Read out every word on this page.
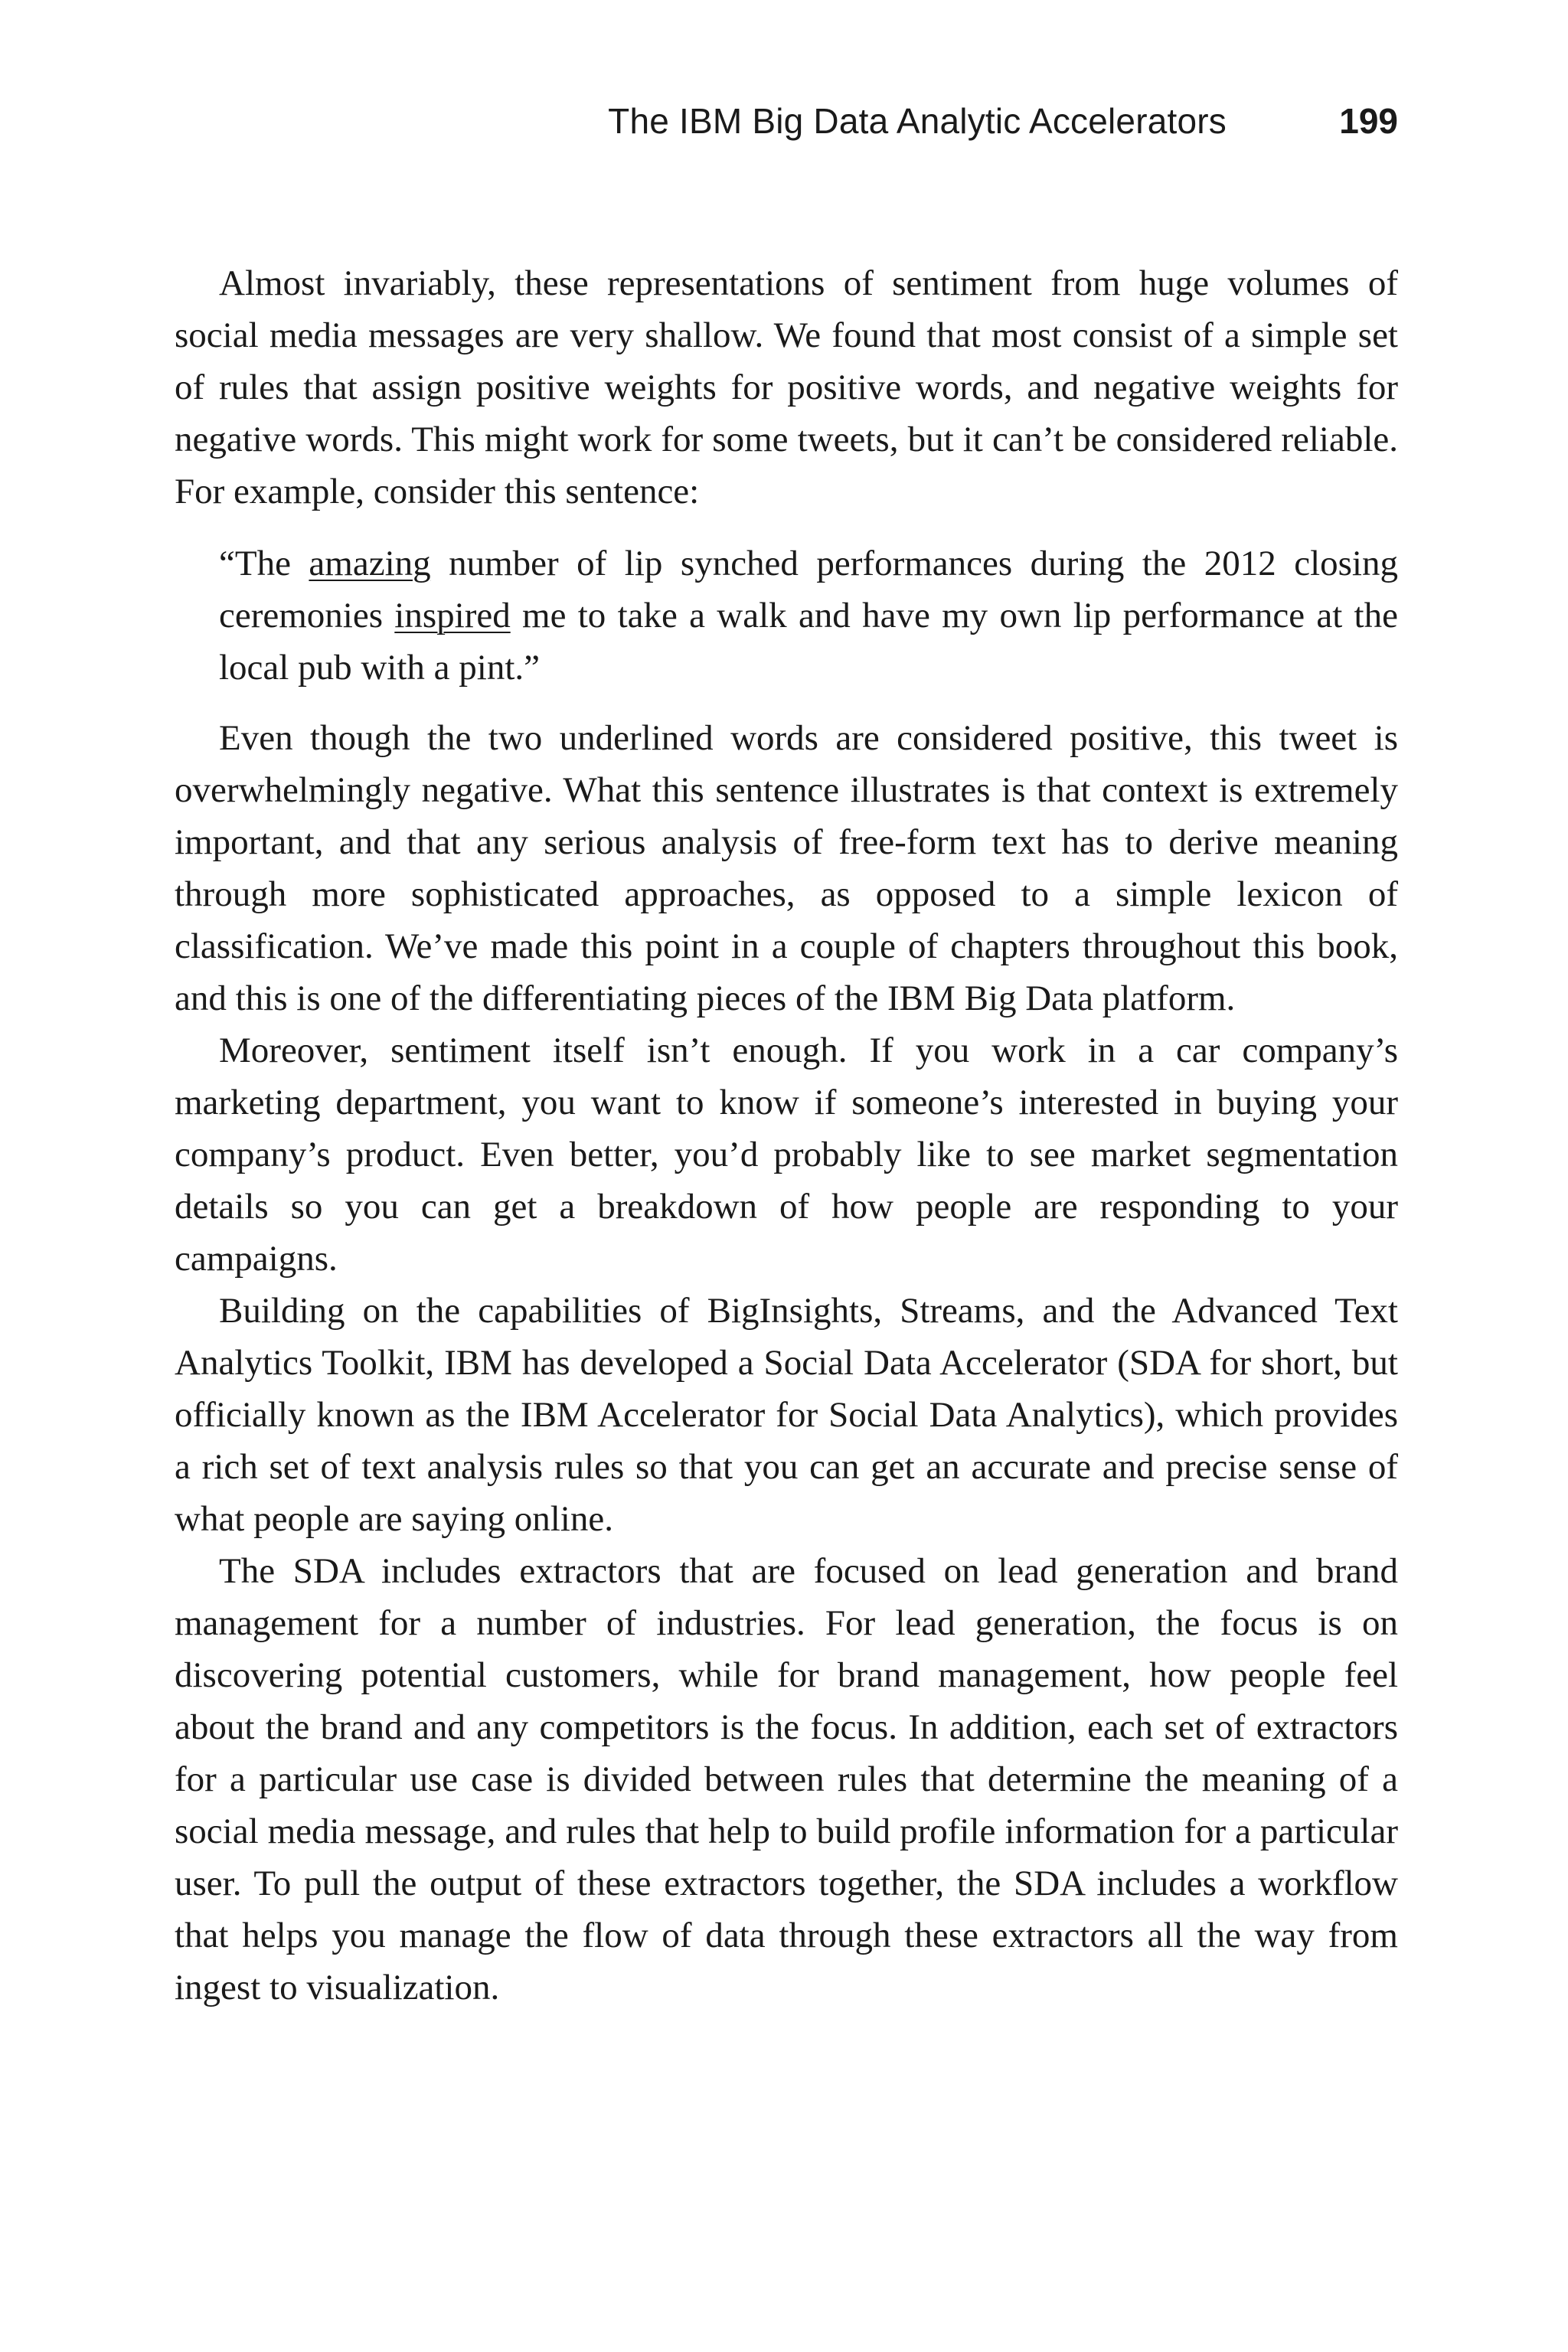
The IBM Big Data Analytic Accelerators	199

Almost invariably, these representations of sentiment from huge volumes of social media messages are very shallow. We found that most consist of a simple set of rules that assign positive weights for positive words, and negative weights for negative words. This might work for some tweets, but it can’t be considered reliable. For example, consider this sentence:

“The amazing number of lip synched performances during the 2012 closing ceremonies inspired me to take a walk and have my own lip performance at the local pub with a pint.”

Even though the two underlined words are considered positive, this tweet is overwhelmingly negative. What this sentence illustrates is that context is extremely important, and that any serious analysis of free-form text has to derive meaning through more sophisticated approaches, as opposed to a simple lexicon of classification. We’ve made this point in a couple of chapters throughout this book, and this is one of the differentiating pieces of the IBM Big Data platform.

Moreover, sentiment itself isn’t enough. If you work in a car company’s marketing department, you want to know if someone’s interested in buying your company’s product. Even better, you’d probably like to see market segmentation details so you can get a breakdown of how people are responding to your campaigns.

Building on the capabilities of BigInsights, Streams, and the Advanced Text Analytics Toolkit, IBM has developed a Social Data Accelerator (SDA for short, but officially known as the IBM Accelerator for Social Data Analytics), which provides a rich set of text analysis rules so that you can get an accurate and precise sense of what people are saying online.

The SDA includes extractors that are focused on lead generation and brand management for a number of industries. For lead generation, the focus is on discovering potential customers, while for brand management, how people feel about the brand and any competitors is the focus. In addition, each set of extractors for a particular use case is divided between rules that determine the meaning of a social media message, and rules that help to build profile information for a particular user. To pull the output of these extractors together, the SDA includes a workflow that helps you manage the flow of data through these extractors all the way from ingest to visualization.
